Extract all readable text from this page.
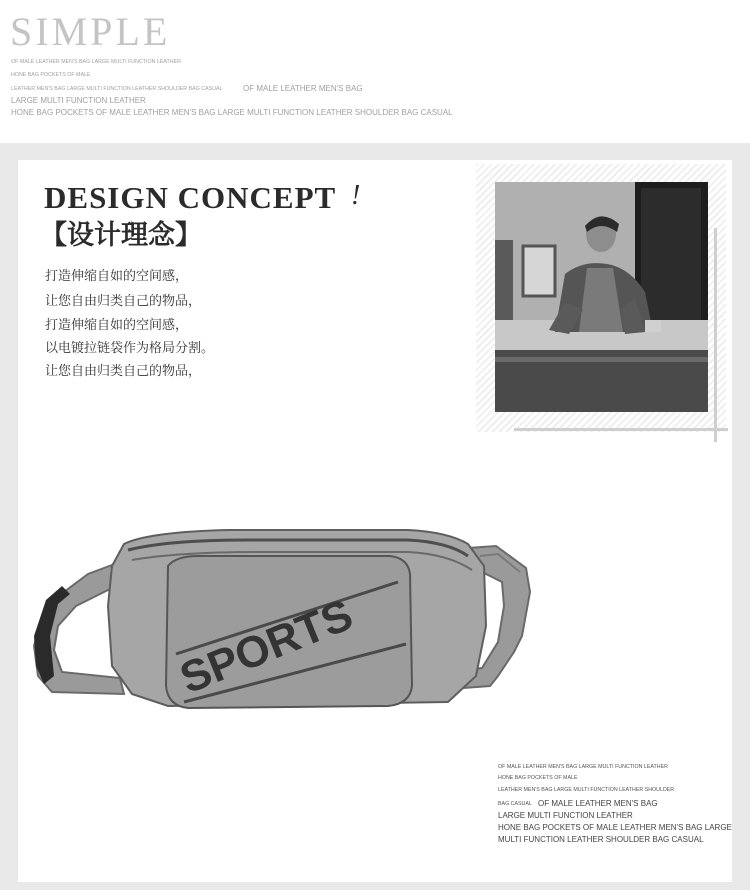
SIMPLE
OF MALE LEATHER MEN'S BAG LARGE MULTI FUNCTION LEATHER
HONE BAG POCKETS OF MALE
LEATHER MEN'S BAG LARGE MULTI FUNCTION LEATHER SHOULDER BAG CASUAL	OF MALE LEATHER MEN'S BAG
LARGE MULTI FUNCTION LEATHER
HONE BAG POCKETS OF MALE LEATHER MEN'S BAG LARGE MULTI FUNCTION LEATHER SHOULDER BAG CASUAL
DESIGN CONCEPT !
【设计理念】
打造伸缩自如的空间感，
让您自由归类自己的物品，
打造伸缩自如的空间感，
以电镀拉链袋作为格局分割。
让您自由归类自己的物品，
SPORTS
OF MALE LEATHER MEN'S BAG LARGE MULTI FUNCTION LEATHER
HONE BAG POCKETS OF MALE
LEATHER MEN'S BAG LARGE MULTI FUNCTION LEATHER SHOULDER
BAG CASUAL OF MALE LEATHER MEN'S BAG
LARGE MULTI FUNCTION LEATHER
HONE BAG POCKETS OF MALE LEATHER MEN'S BAG LARGE
MULTI FUNCTION LEATHER SHOULDER BAG CASUAL
